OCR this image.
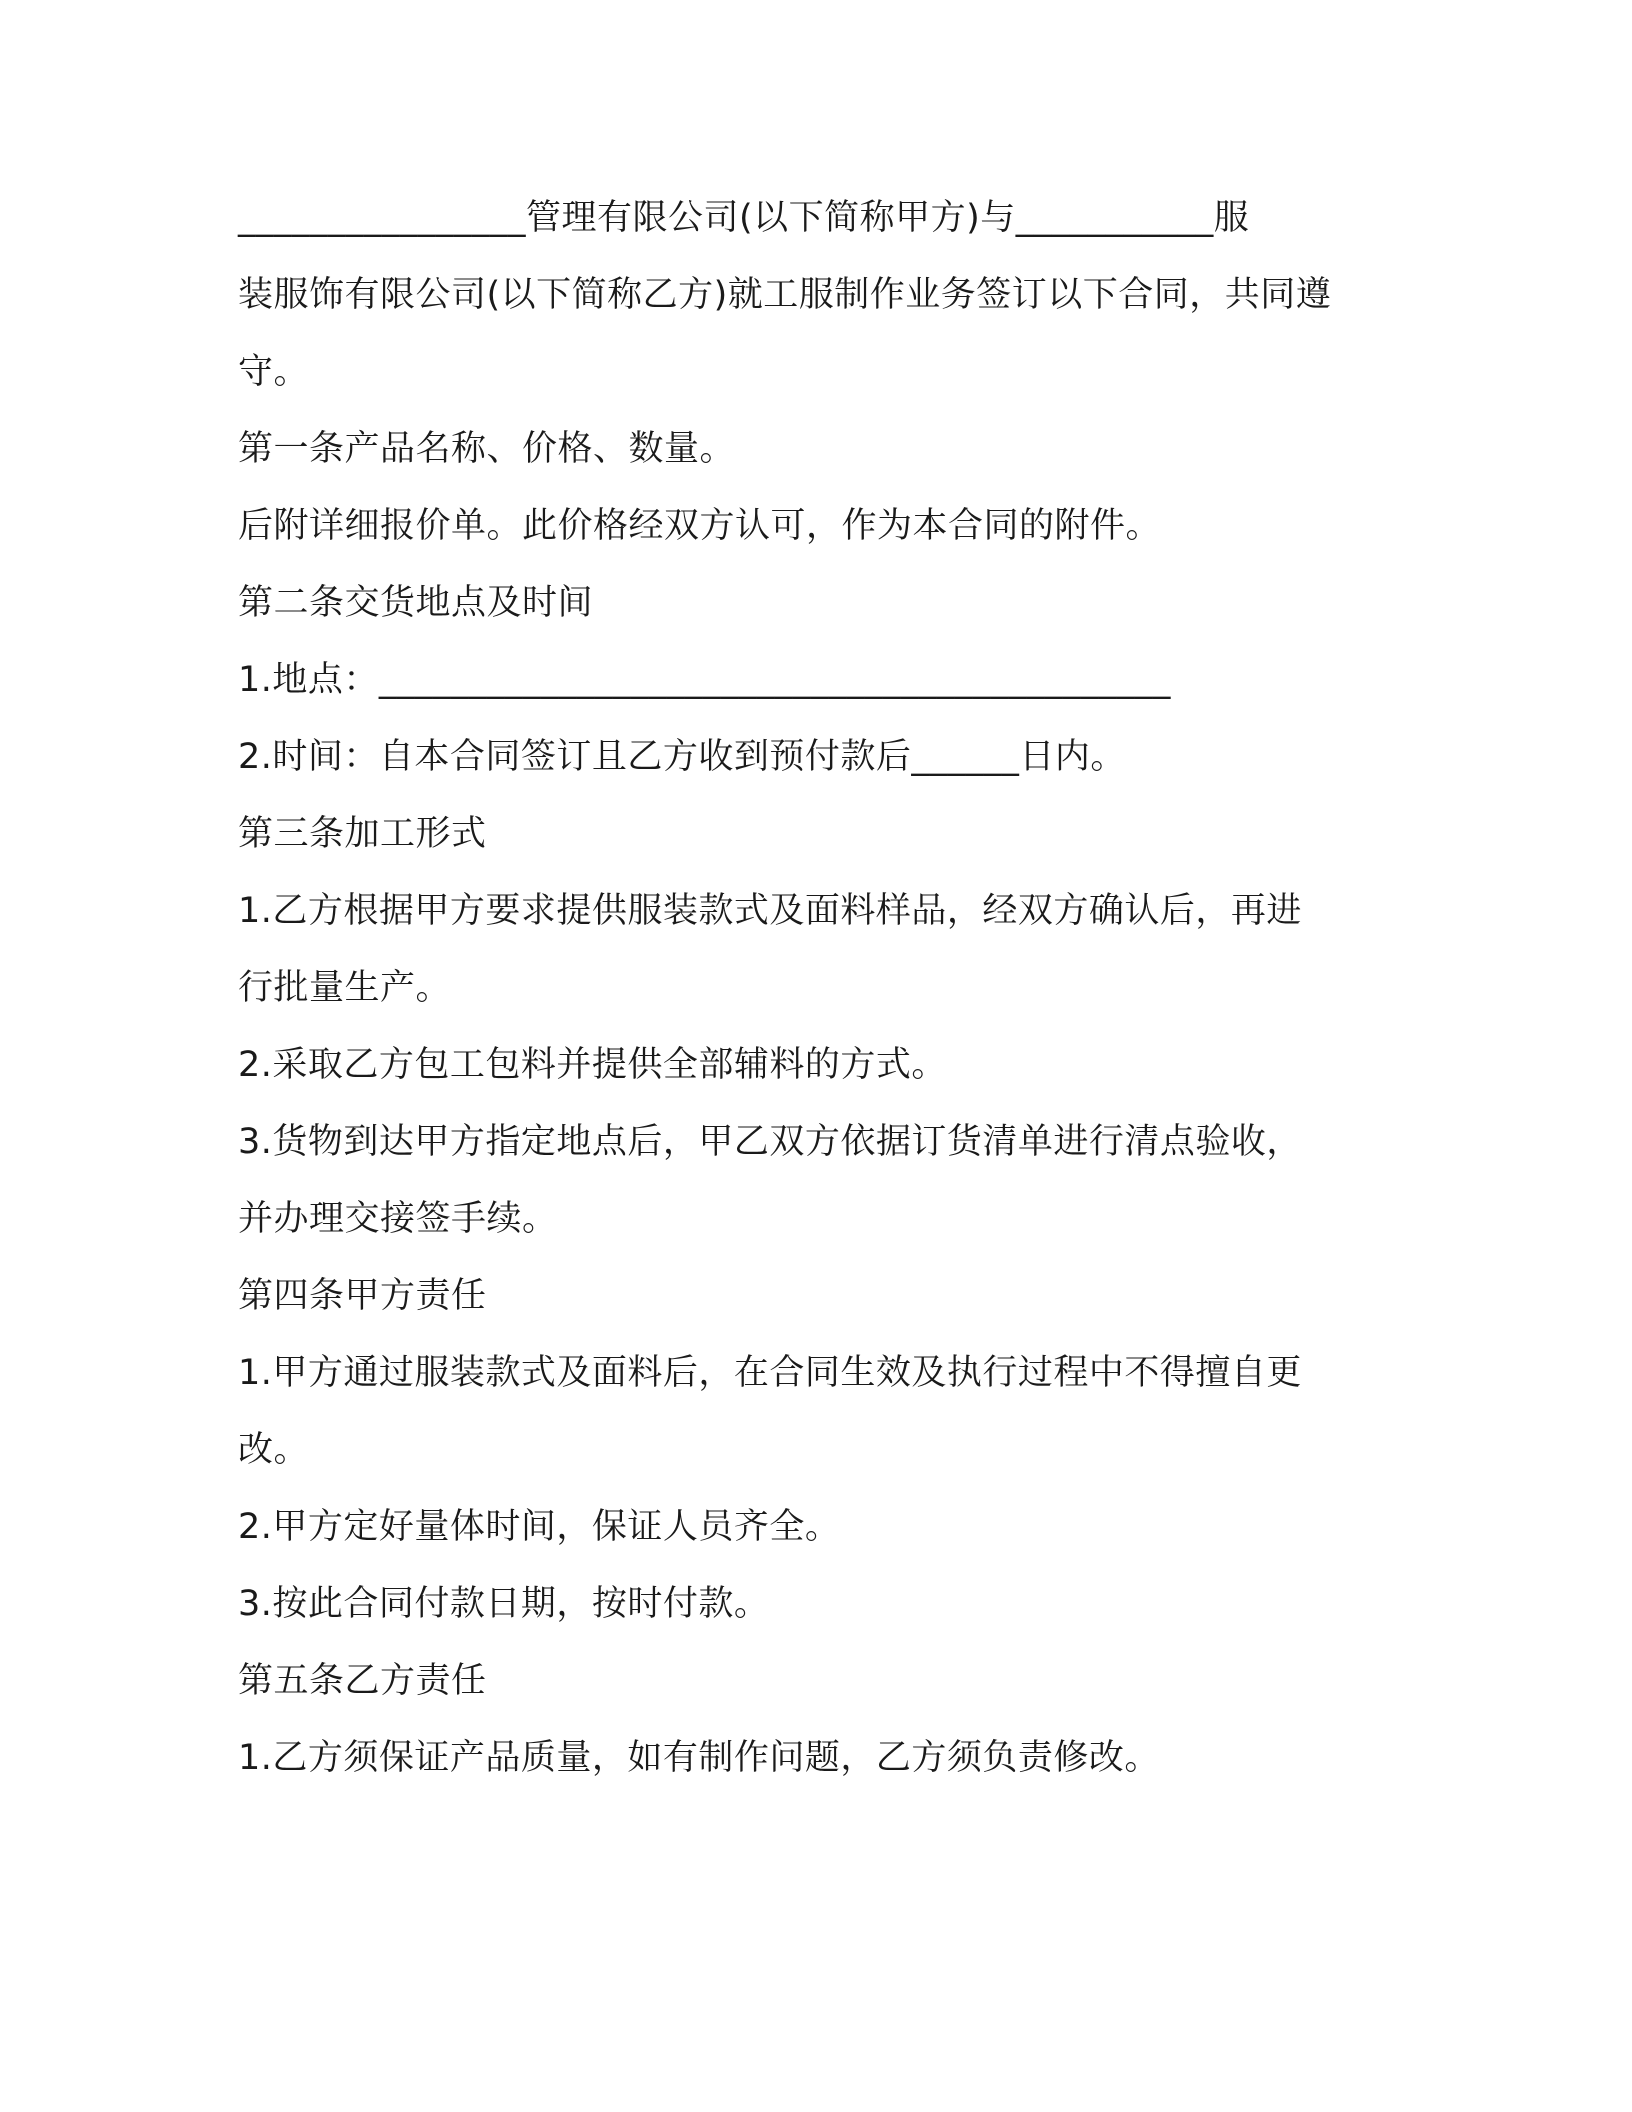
________________管理有限公司(以下简称甲方)与___________服
装服饰有限公司(以下简称乙方)就工服制作业务签订以下合同，共同遵
守。
第一条产品名称、价格、数量。
后附详细报价单。此价格经双方认可，作为本合同的附件。
第二条交货地点及时间
1.地点：____________________________________________
2.时间：自本合同签订且乙方收到预付款后______日内。
第三条加工形式
1.乙方根据甲方要求提供服装款式及面料样品，经双方确认后，再进
行批量生产。
2.采取乙方包工包料并提供全部辅料的方式。
3.货物到达甲方指定地点后，甲乙双方依据订货清单进行清点验收，
并办理交接签手续。
第四条甲方责任
1.甲方通过服装款式及面料后，在合同生效及执行过程中不得擅自更
改。
2.甲方定好量体时间，保证人员齐全。
3.按此合同付款日期，按时付款。
第五条乙方责任
1.乙方须保证产品质量，如有制作问题，乙方须负责修改。
